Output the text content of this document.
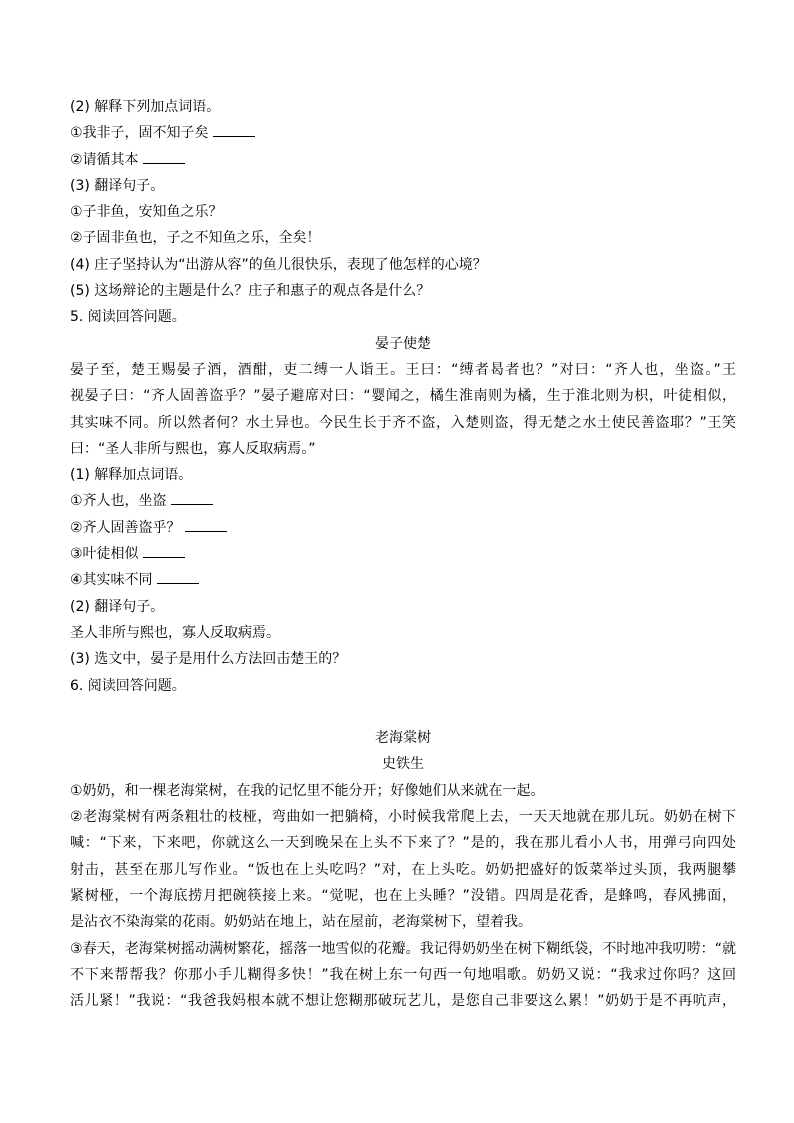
(2) 解释下列加点词语。
①我非子，固不知子矣
②请循其本
(3) 翻译句子。
①子非鱼，安知鱼之乐？
②子固非鱼也，子之不知鱼之乐，全矣！
(4) 庄子坚持认为“出游从容”的鱼儿很快乐，表现了他怎样的心境？
(5) 这场辩论的主题是什么？庄子和惠子的观点各是什么？
5. 阅读回答问题。
晏子使楚
晏子至，楚王赐晏子酒，酒酣，吏二缚一人诣王。王曰：“缚者曷者也？”对曰：“齐人也，坐盗。”王
视晏子曰：“齐人固善盗乎？”晏子避席对曰：“婴闻之，橘生淮南则为橘，生于淮北则为枳，叶徒相似，
其实味不同。所以然者何？水土异也。今民生长于齐不盗，入楚则盗，得无楚之水土使民善盗耶？”王笑
曰：“圣人非所与熙也，寡人反取病焉。”
(1) 解释加点词语。
①齐人也，坐盗
②齐人固善盗乎？
③叶徒相似
④其实味不同
(2) 翻译句子。
圣人非所与熙也，寡人反取病焉。
(3) 选文中，晏子是用什么方法回击楚王的？
6. 阅读回答问题。
老海棠树
史铁生
①奶奶，和一棵老海棠树，在我的记忆里不能分开；好像她们从来就在一起。
②老海棠树有两条粗壮的枝桠，弯曲如一把躺椅，小时候我常爬上去，一天天地就在那儿玩。奶奶在树下
喊：“下来，下来吧，你就这么一天到晚呆在上头不下来了？”是的，我在那儿看小人书，用弹弓向四处
射击，甚至在那儿写作业。“饭也在上头吃吗？”对，在上头吃。奶奶把盛好的饭菜举过头顶，我两腿攀
紧树桠，一个海底捞月把碗筷接上来。“觉呢，也在上头睡？”没错。四周是花香，是蜂鸣，春风拂面，
是沾衣不染海棠的花雨。奶奶站在地上，站在屋前，老海棠树下，望着我。
③春天，老海棠树摇动满树繁花，摇落一地雪似的花瓣。我记得奶奶坐在树下糊纸袋，不时地冲我叨唠：“就
不下来帮帮我？你那小手儿糊得多快！”我在树上东一句西一句地唱歌。奶奶又说：“我求过你吗？这回
活儿紧！”我说：“我爸我妈根本就不想让您糊那破玩艺儿，是您自己非要这么累！”奶奶于是不再吭声，
